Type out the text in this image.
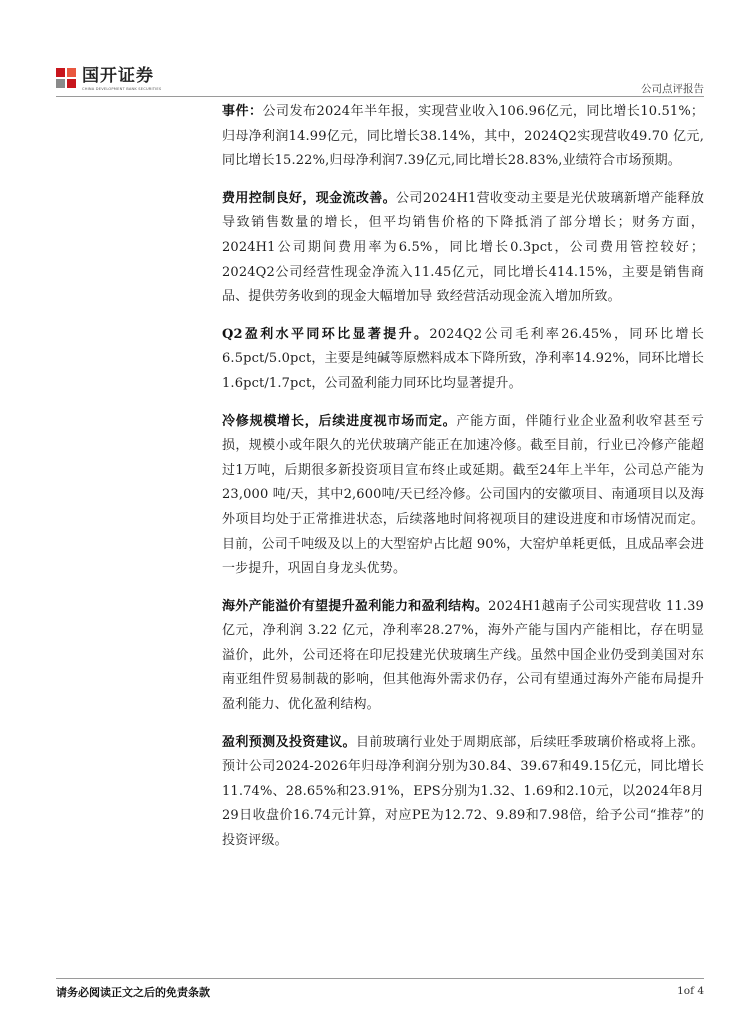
国开证券
CHINA DEVELOPMENT BANK SECURITIES	公司点评报告

事件：公司发布2024年半年报，实现营业收入106.96亿元，同比增长10.51%；归母净利润14.99亿元，同比增长38.14%，其中，2024Q2实现营收49.70 亿元,同比增长15.22%,归母净利润7.39亿元,同比增长28.83%,业绩符合市场预期。

费用控制良好，现金流改善。公司2024H1营收变动主要是光伏玻璃新增产能释放导致销售数量的增长，但平均销售价格的下降抵消了部分增长；财务方面，2024H1公司期间费用率为6.5%，同比增长0.3pct，公司费用管控较好；2024Q2公司经营性现金净流入11.45亿元，同比增长414.15%，主要是销售商品、提供劳务收到的现金大幅增加导 致经营活动现金流入增加所致。

Q2盈利水平同环比显著提升。2024Q2公司毛利率26.45%，同环比增长6.5pct/5.0pct，主要是纯碱等原燃料成本下降所致，净利率14.92%，同环比增长1.6pct/1.7pct，公司盈利能力同环比均显著提升。

冷修规模增长，后续进度视市场而定。产能方面，伴随行业企业盈利收窄甚至亏损，规模小或年限久的光伏玻璃产能正在加速冷修。截至目前，行业已冷修产能超过1万吨，后期很多新投资项目宣布终止或延期。截至24年上半年，公司总产能为23,000 吨/天，其中2,600吨/天已经冷修。公司国内的安徽项目、南通项目以及海外项目均处于正常推进状态，后续落地时间将视项目的建设进度和市场情况而定。目前，公司千吨级及以上的大型窑炉占比超 90%，大窑炉单耗更低，且成品率会进一步提升，巩固自身龙头优势。

海外产能溢价有望提升盈利能力和盈利结构。2024H1越南子公司实现营收 11.39 亿元，净利润 3.22 亿元，净利率28.27%，海外产能与国内产能相比，存在明显溢价，此外，公司还将在印尼投建光伏玻璃生产线。虽然中国企业仍受到美国对东南亚组件贸易制裁的影响，但其他海外需求仍存，公司有望通过海外产能布局提升盈利能力、优化盈利结构。

盈利预测及投资建议。目前玻璃行业处于周期底部，后续旺季玻璃价格或将上涨。预计公司2024-2026年归母净利润分别为30.84、39.67和49.15亿元，同比增长11.74%、28.65%和23.91%，EPS分别为1.32、1.69和2.10元，以2024年8月29日收盘价16.74元计算，对应PE为12.72、9.89和7.98倍，给予公司“推荐”的投资评级。

请务必阅读正文之后的免责条款	1of 4
